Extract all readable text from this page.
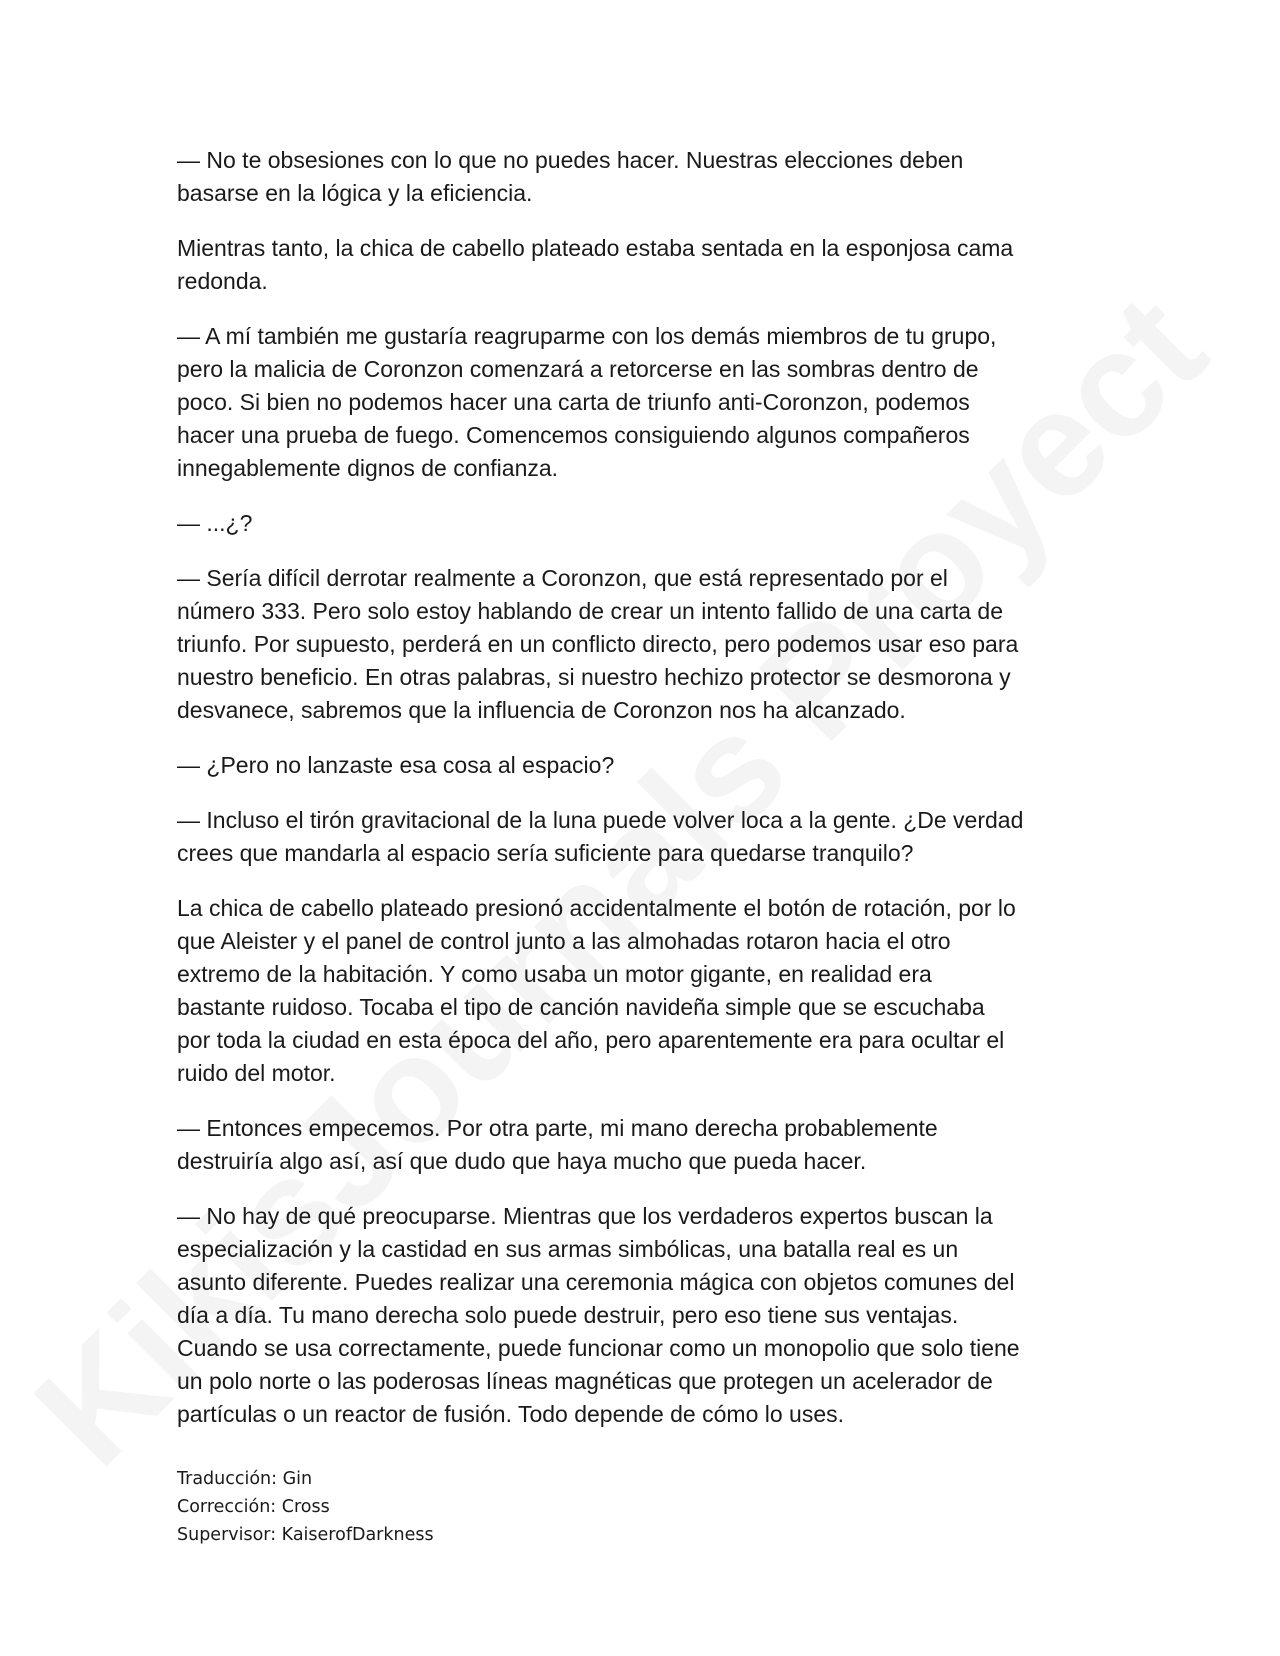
— No te obsesiones con lo que no puedes hacer. Nuestras elecciones deben
basarse en la lógica y la eficiencia.

Mientras tanto, la chica de cabello plateado estaba sentada en la esponjosa cama
redonda.

— A mí también me gustaría reagruparme con los demás miembros de tu grupo,
pero la malicia de Coronzon comenzará a retorcerse en las sombras dentro de
poco. Si bien no podemos hacer una carta de triunfo anti-Coronzon, podemos
hacer una prueba de fuego. Comencemos consiguiendo algunos compañeros
innegablemente dignos de confianza.

— ...¿?

— Sería difícil derrotar realmente a Coronzon, que está representado por el
número 333. Pero solo estoy hablando de crear un intento fallido de una carta de
triunfo. Por supuesto, perderá en un conflicto directo, pero podemos usar eso para
nuestro beneficio. En otras palabras, si nuestro hechizo protector se desmorona y
desvanece, sabremos que la influencia de Coronzon nos ha alcanzado.

— ¿Pero no lanzaste esa cosa al espacio?

— Incluso el tirón gravitacional de la luna puede volver loca a la gente. ¿De verdad
crees que mandarla al espacio sería suficiente para quedarse tranquilo?

La chica de cabello plateado presionó accidentalmente el botón de rotación, por lo
que Aleister y el panel de control junto a las almohadas rotaron hacia el otro
extremo de la habitación. Y como usaba un motor gigante, en realidad era
bastante ruidoso. Tocaba el tipo de canción navideña simple que se escuchaba
por toda la ciudad en esta época del año, pero aparentemente era para ocultar el
ruido del motor.

— Entonces empecemos. Por otra parte, mi mano derecha probablemente
destruiría algo así, así que dudo que haya mucho que pueda hacer.

— No hay de qué preocuparse. Mientras que los verdaderos expertos buscan la
especialización y la castidad en sus armas simbólicas, una batalla real es un
asunto diferente. Puedes realizar una ceremonia mágica con objetos comunes del
día a día. Tu mano derecha solo puede destruir, pero eso tiene sus ventajas.
Cuando se usa correctamente, puede funcionar como un monopolio que solo tiene
un polo norte o las poderosas líneas magnéticas que protegen un acelerador de
partículas o un reactor de fusión. Todo depende de cómo lo uses.

Traducción: Gin
Corrección: Cross
Supervisor: KaiserofDarkness
